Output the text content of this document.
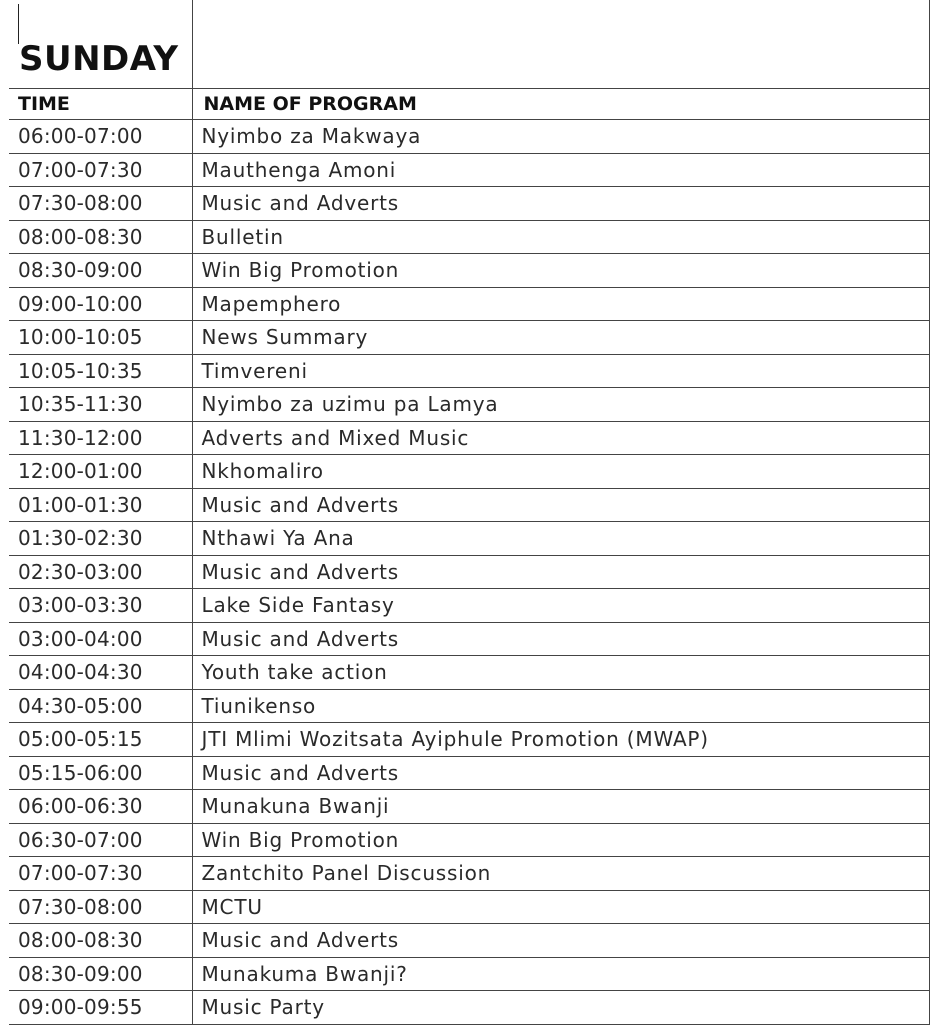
SUNDAY	

TIME	NAME OF PROGRAM
06:00-07:00	Nyimbo za Makwaya
07:00-07:30	Mauthenga Amoni
07:30-08:00	Music and Adverts
08:00-08:30	Bulletin
08:30-09:00	Win Big Promotion
09:00-10:00	Mapemphero
10:00-10:05	News Summary
10:05-10:35	Timvereni
10:35-11:30	Nyimbo za uzimu pa Lamya
11:30-12:00	Adverts and Mixed Music
12:00-01:00	Nkhomaliro
01:00-01:30	Music and Adverts
01:30-02:30	Nthawi Ya Ana
02:30-03:00	Music and Adverts
03:00-03:30	Lake Side Fantasy
03:00-04:00	Music and Adverts
04:00-04:30	Youth take action
04:30-05:00	Tiunikenso
05:00-05:15	JTI Mlimi Wozitsata Ayiphule Promotion (MWAP)
05:15-06:00	Music and Adverts
06:00-06:30	Munakuna Bwanji
06:30-07:00	Win Big Promotion
07:00-07:30	Zantchito Panel Discussion
07:30-08:00	MCTU
08:00-08:30	Music and Adverts
08:30-09:00	Munakuma Bwanji?
09:00-09:55	Music Party
